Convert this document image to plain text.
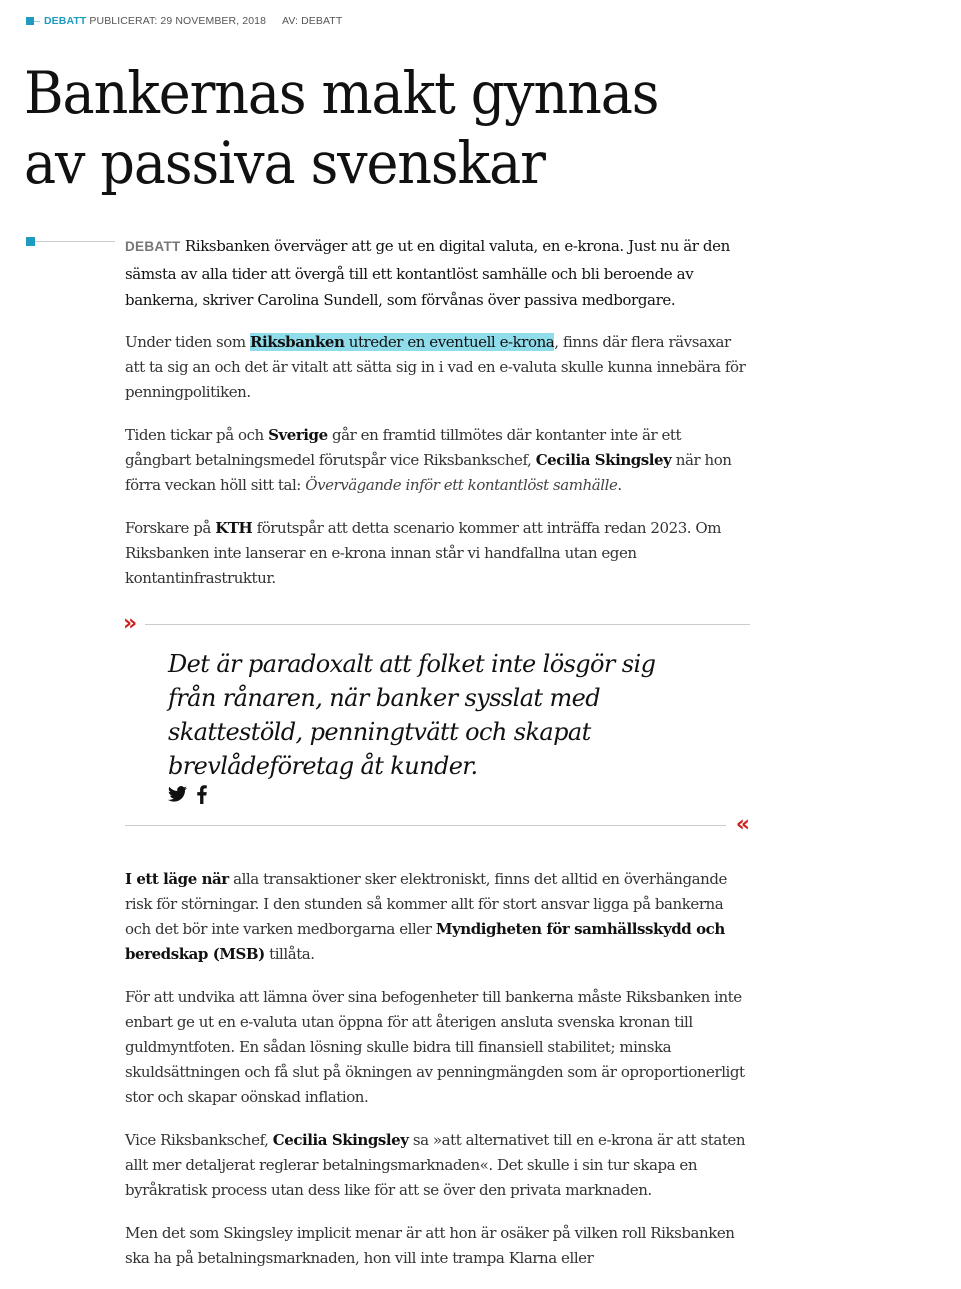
DEBATT PUBLICERAT: 29 NOVEMBER, 2018 AV: DEBATT
Bankernas makt gynnas av passiva svenskar

DEBATT Riksbanken överväger att ge ut en digital valuta, en e-krona. Just nu är den sämsta av alla tider att övergå till ett kontantlöst samhälle och bli beroende av bankerna, skriver Carolina Sundell, som förvånas över passiva medborgare.

Under tiden som Riksbanken utreder en eventuell e-krona, finns där flera rävsaxar att ta sig an och det är vitalt att sätta sig in i vad en e-valuta skulle kunna innebära för penningpolitiken.

Tiden tickar på och Sverige går en framtid tillmötes där kontanter inte är ett gångbart betalningsmedel förutspår vice Riksbankschef, Cecilia Skingsley när hon förra veckan höll sitt tal: Övervägande inför ett kontantlöst samhälle.

Forskare på KTH förutspår att detta scenario kommer att inträffa redan 2023. Om Riksbanken inte lanserar en e-krona innan står vi handfallna utan egen kontantinfrastruktur.

»
Det är paradoxalt att folket inte lösgör sig från rånaren, när banker sysslat med skattestöld, penningtvätt och skapat brevlådeföretag åt kunder.
«

I ett läge när alla transaktioner sker elektroniskt, finns det alltid en överhängande risk för störningar. I den stunden så kommer allt för stort ansvar ligga på bankerna och det bör inte varken medborgarna eller Myndigheten för samhällsskydd och beredskap (MSB) tillåta.

För att undvika att lämna över sina befogenheter till bankerna måste Riksbanken inte enbart ge ut en e-valuta utan öppna för att återigen ansluta svenska kronan till guldmyntfoten. En sådan lösning skulle bidra till finansiell stabilitet; minska skuldsättningen och få slut på ökningen av penningmängden som är oproportionerligt stor och skapar oönskad inflation.

Vice Riksbankschef, Cecilia Skingsley sa »att alternativet till en e-krona är att staten allt mer detaljerat reglerar betalningsmarknaden«. Det skulle i sin tur skapa en byråkratisk process utan dess like för att se över den privata marknaden.

Men det som Skingsley implicit menar är att hon är osäker på vilken roll Riksbanken ska ha på betalningsmarknaden, hon vill inte trampa Klarna eller
